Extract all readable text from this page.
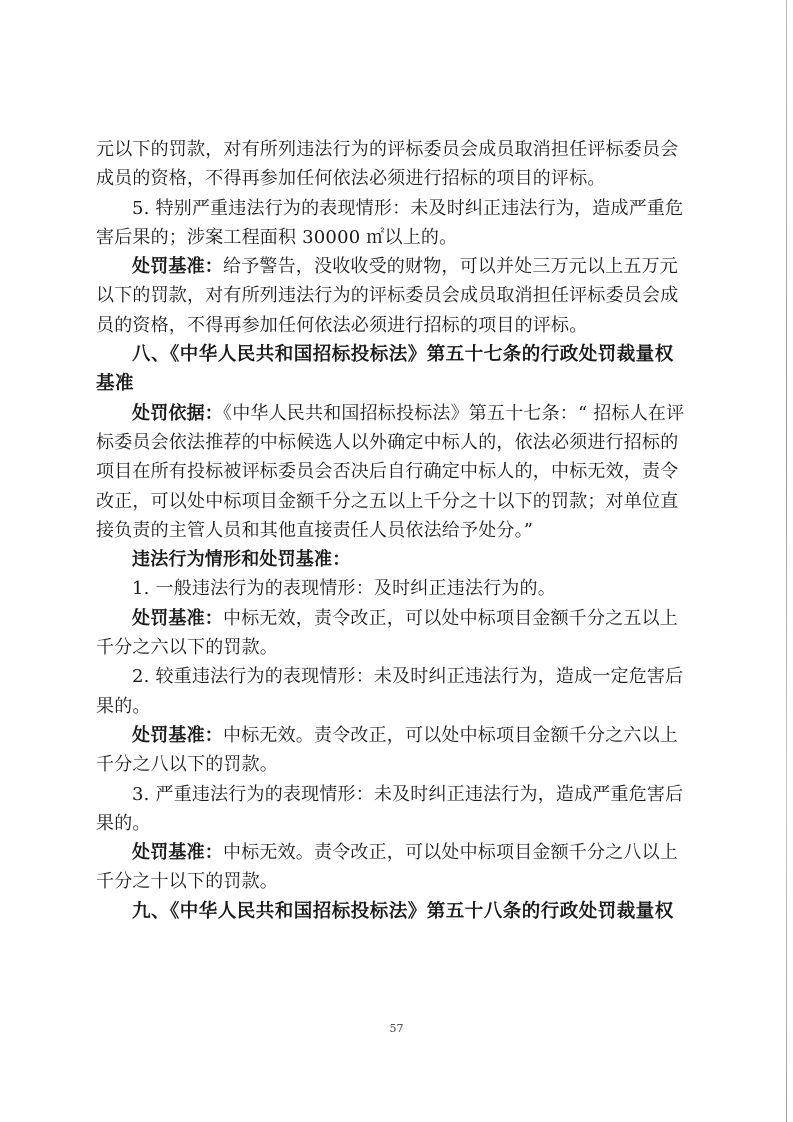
元以下的罚款，对有所列违法行为的评标委员会成员取消担任评标委员会成员的资格，不得再参加任何依法必须进行招标的项目的评标。

5. 特别严重违法行为的表现情形：未及时纠正违法行为，造成严重危害后果的；涉案工程面积 30000 ㎡以上的。

处罚基准：给予警告，没收收受的财物，可以并处三万元以上五万元以下的罚款，对有所列违法行为的评标委员会成员取消担任评标委员会成员的资格，不得再参加任何依法必须进行招标的项目的评标。

八、《中华人民共和国招标投标法》第五十七条的行政处罚裁量权基准

处罚依据：《中华人民共和国招标投标法》第五十七条：“ 招标人在评标委员会依法推荐的中标候选人以外确定中标人的，依法必须进行招标的项目在所有投标被评标委员会否决后自行确定中标人的，中标无效，责令改正，可以处中标项目金额千分之五以上千分之十以下的罚款；对单位直接负责的主管人员和其他直接责任人员依法给予处分。”

违法行为情形和处罚基准：

1. 一般违法行为的表现情形：及时纠正违法行为的。

处罚基准：中标无效，责令改正，可以处中标项目金额千分之五以上千分之六以下的罚款。

2. 较重违法行为的表现情形：未及时纠正违法行为，造成一定危害后果的。

处罚基准：中标无效。责令改正，可以处中标项目金额千分之六以上千分之八以下的罚款。

3. 严重违法行为的表现情形：未及时纠正违法行为，造成严重危害后果的。

处罚基准：中标无效。责令改正，可以处中标项目金额千分之八以上千分之十以下的罚款。

九、《中华人民共和国招标投标法》第五十八条的行政处罚裁量权

57
